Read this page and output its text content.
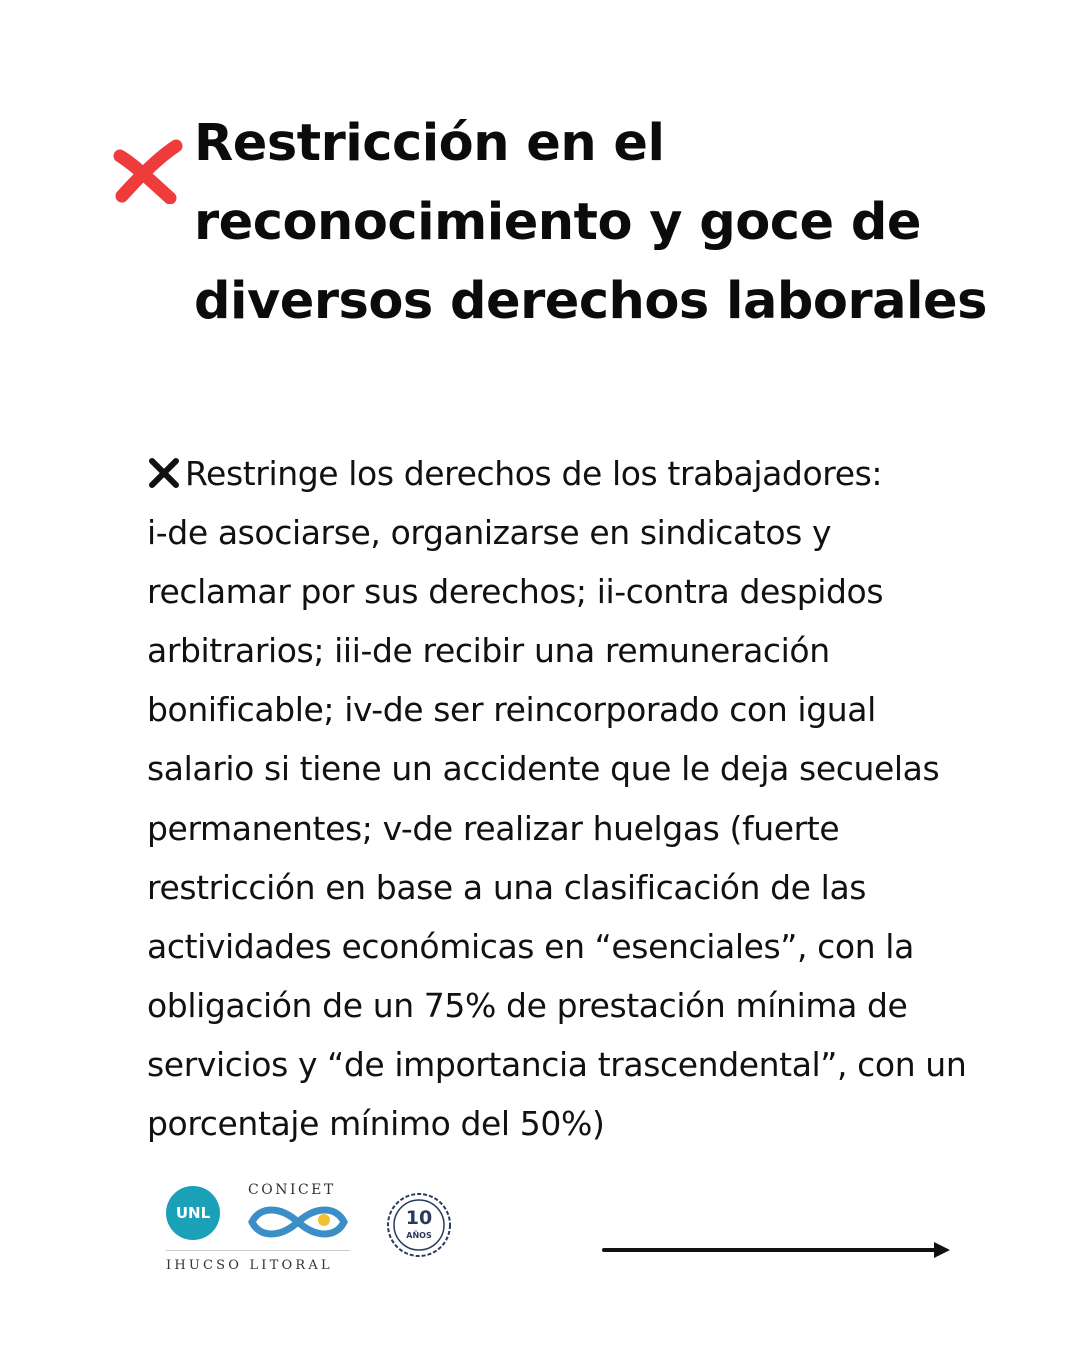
Restricción en el
reconocimiento y goce de
diversos derechos laborales
Restringe los derechos de los trabajadores:
i-de asociarse, organizarse en sindicatos y
reclamar por sus derechos; ii-contra despidos
arbitrarios; iii-de recibir una remuneración
bonificable; iv-de ser reincorporado con igual
salario si tiene un accidente que le deja secuelas
permanentes; v-de realizar huelgas (fuerte
restricción en base a una clasificación de las
actividades económicas en “esenciales”, con la
obligación de un 75% de prestación mínima de
servicios y “de importancia trascendental”, con un
porcentaje mínimo del 50%)
UNL
CONICET
IHUCSO LITORAL
10
AÑOS
